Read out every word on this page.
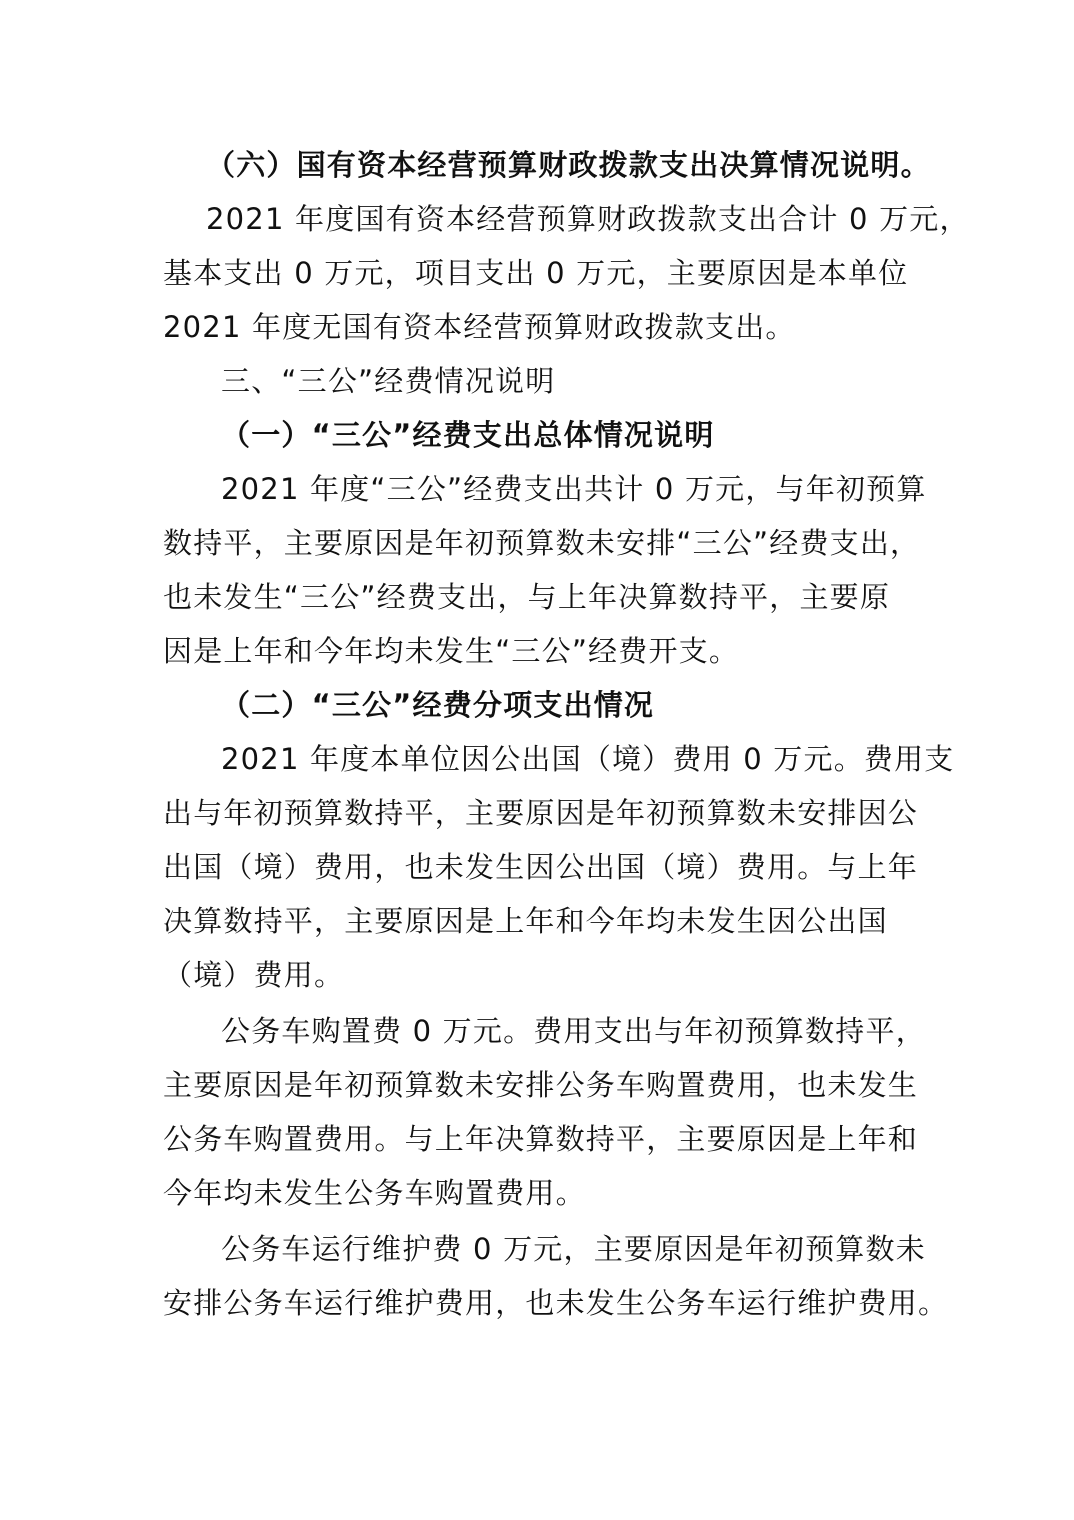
（六）国有资本经营预算财政拨款支出决算情况说明。

2021 年度国有资本经营预算财政拨款支出合计 0 万元，

基本支出 0 万元，项目支出 0 万元，主要原因是本单位

2021 年度无国有资本经营预算财政拨款支出。

三、“三公”经费情况说明

（一）“三公”经费支出总体情况说明

2021 年度“三公”经费支出共计 0 万元，与年初预算

数持平，主要原因是年初预算数未安排“三公”经费支出，

也未发生“三公”经费支出，与上年决算数持平，主要原

因是上年和今年均未发生“三公”经费开支。

（二）“三公”经费分项支出情况

2021 年度本单位因公出国（境）费用 0 万元。费用支

出与年初预算数持平，主要原因是年初预算数未安排因公

出国（境）费用，也未发生因公出国（境）费用。与上年

决算数持平，主要原因是上年和今年均未发生因公出国

（境）费用。

公务车购置费 0 万元。费用支出与年初预算数持平，

主要原因是年初预算数未安排公务车购置费用，也未发生

公务车购置费用。与上年决算数持平，主要原因是上年和

今年均未发生公务车购置费用。

公务车运行维护费 0 万元，主要原因是年初预算数未

安排公务车运行维护费用，也未发生公务车运行维护费用。
